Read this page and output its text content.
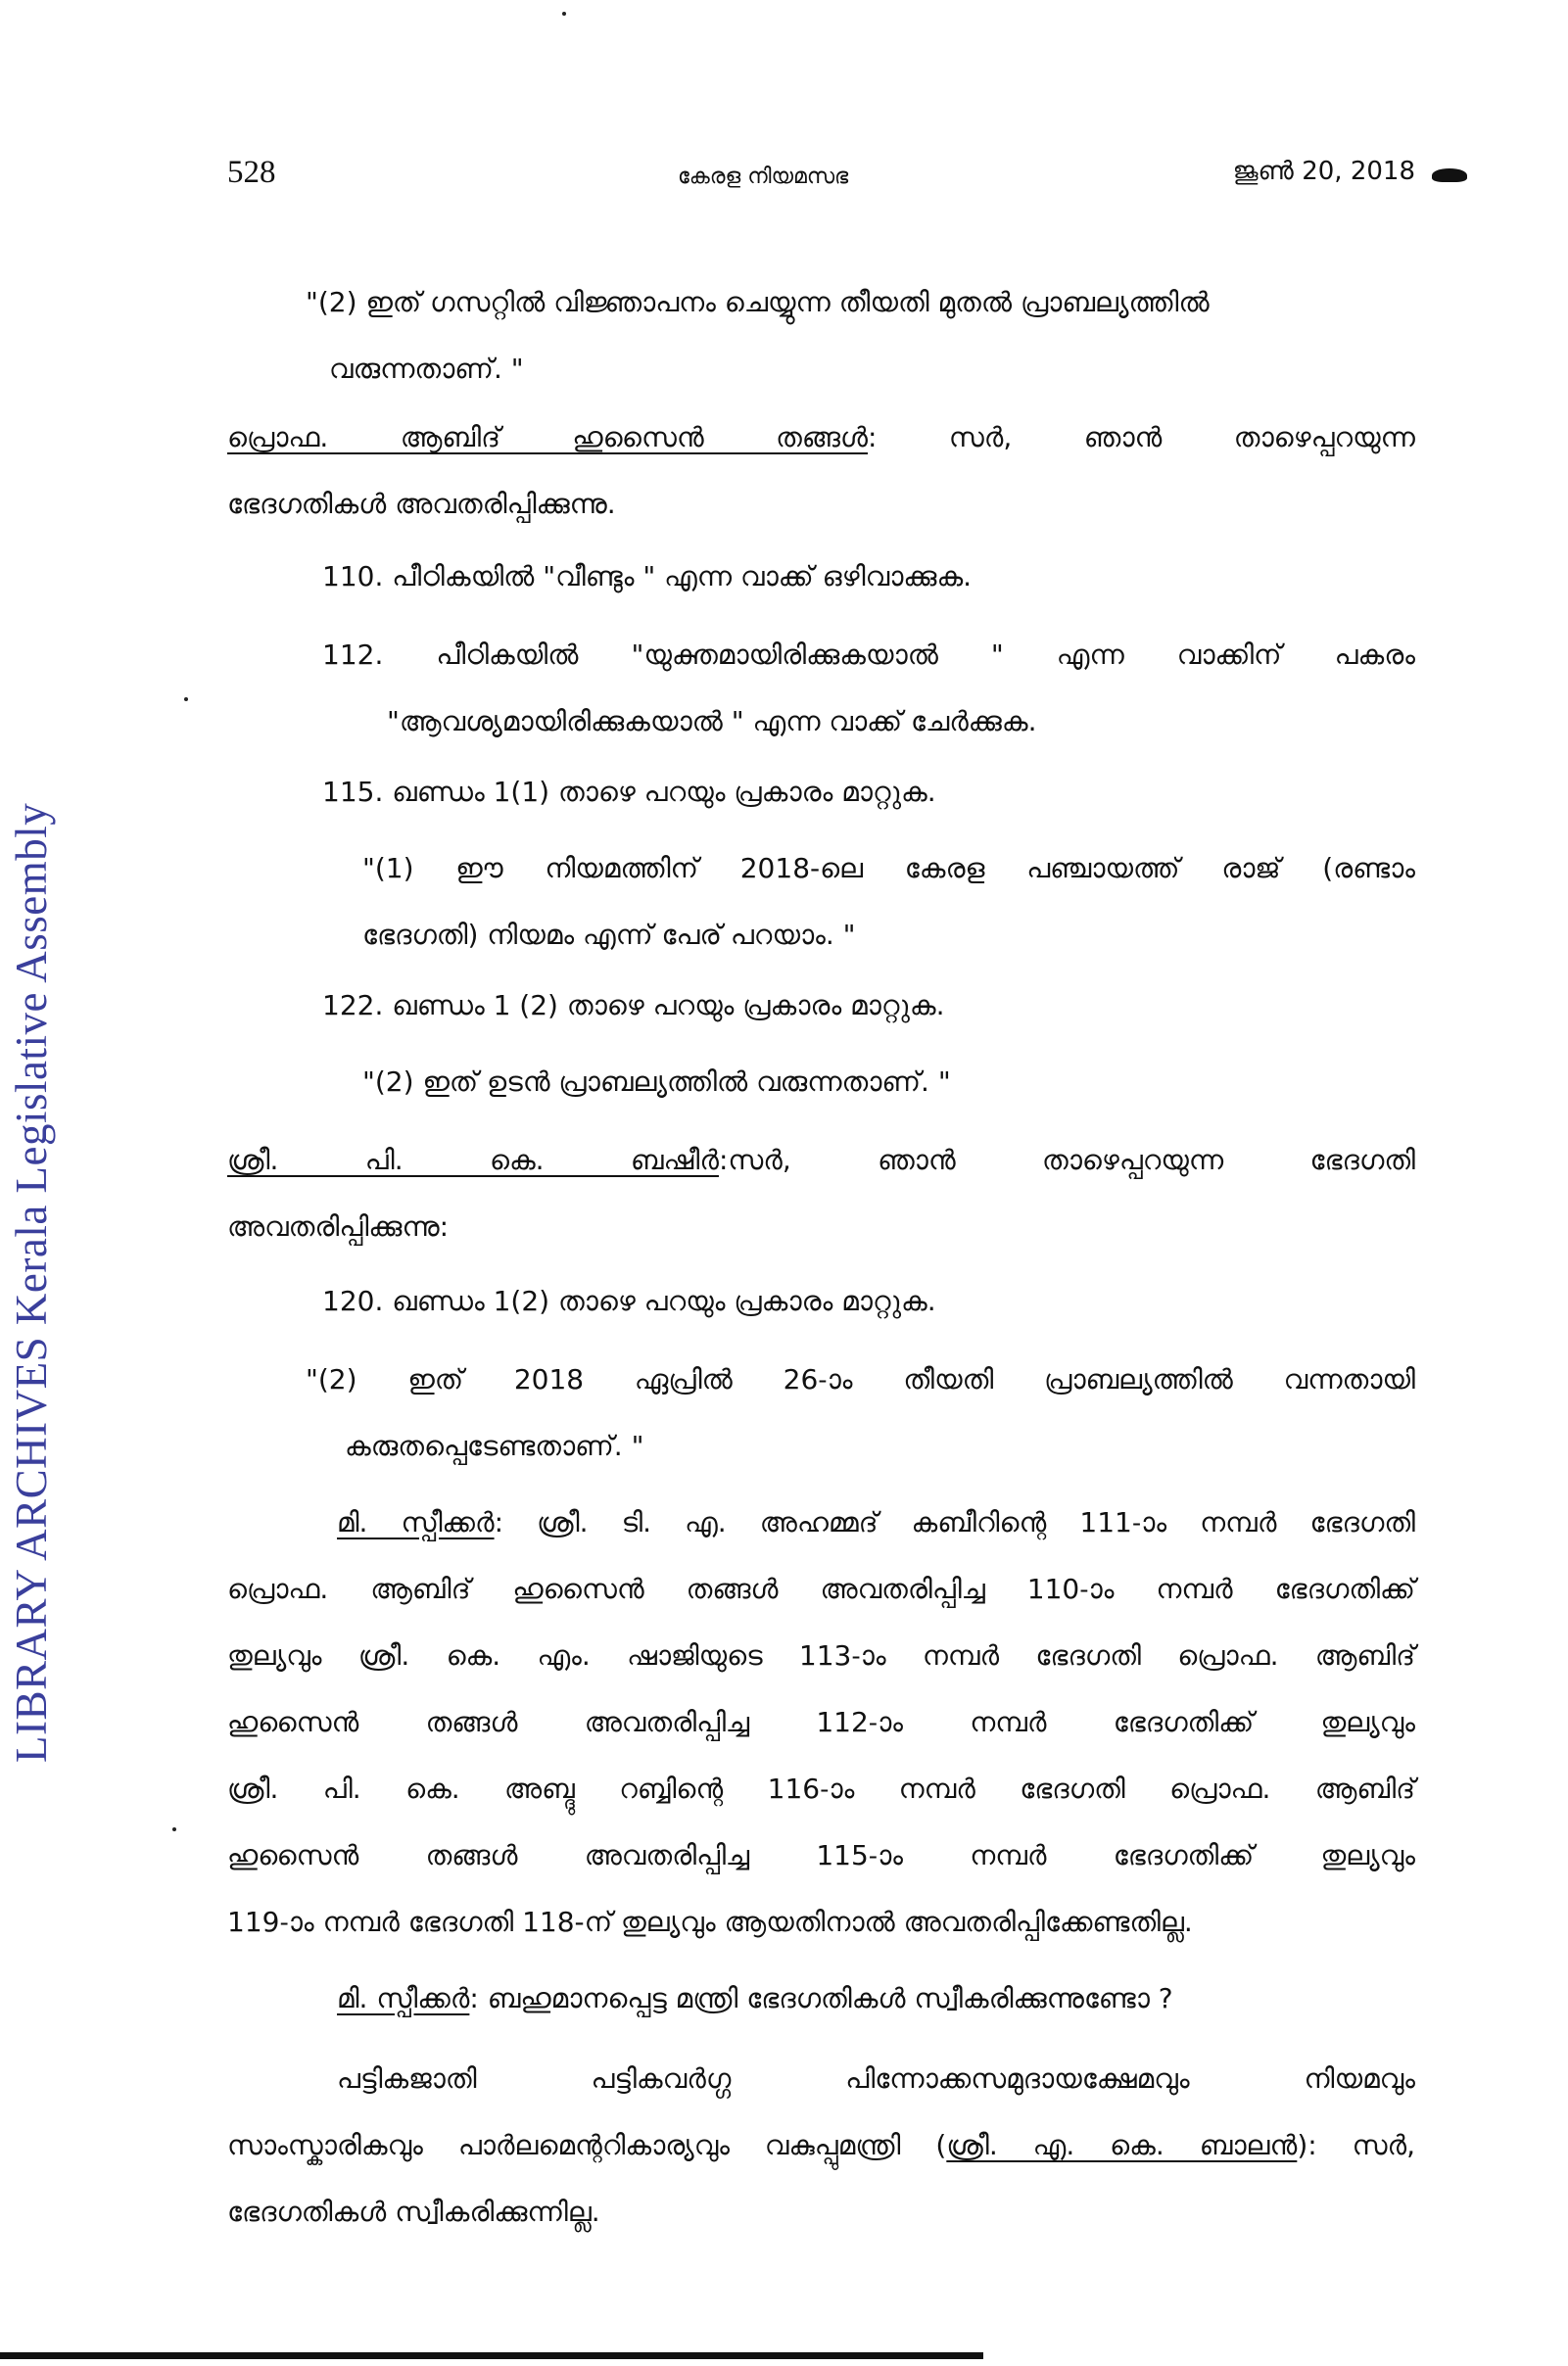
LIBRARY ARCHIVES Kerala Legislative Assembly
528	കേരള നിയമസഭ	ജൂൺ 20, 2018
"(2) ഇത് ഗസറ്റിൽ വിജ്ഞാപനം ചെയ്യുന്ന തീയതി മുതൽ പ്രാബല്യത്തിൽ
വരുന്നതാണ്. "
പ്രൊഫ. ആബിദ് ഹുസൈൻ തങ്ങൾ: സർ, ഞാൻ താഴെപ്പറയുന്ന
ഭേദഗതികൾ അവതരിപ്പിക്കുന്നു.
110. പീഠികയിൽ "വീണ്ടും " എന്ന വാക്ക് ഒഴിവാക്കുക.
112. പീഠികയിൽ "യുക്തമായിരിക്കുകയാൽ " എന്ന വാക്കിന് പകരം
"ആവശ്യമായിരിക്കുകയാൽ " എന്ന വാക്ക് ചേർക്കുക.
115. ഖണ്ഡം 1(1) താഴെ പറയും പ്രകാരം മാറ്റുക.
"(1) ഈ നിയമത്തിന് 2018-ലെ കേരള പഞ്ചായത്ത് രാജ് (രണ്ടാം
ഭേദഗതി) നിയമം എന്ന് പേര് പറയാം. "
122. ഖണ്ഡം 1 (2) താഴെ പറയും പ്രകാരം മാറ്റുക.
"(2) ഇത് ഉടൻ പ്രാബല്യത്തിൽ വരുന്നതാണ്. "
ശ്രീ. പി. കെ. ബഷീർ:സർ, ഞാൻ താഴെപ്പറയുന്ന ഭേദഗതി
അവതരിപ്പിക്കുന്നു:
120. ഖണ്ഡം 1(2) താഴെ പറയും പ്രകാരം മാറ്റുക.
"(2) ഇത് 2018 ഏപ്രിൽ 26-ാം തീയതി പ്രാബല്യത്തിൽ വന്നതായി
കരുതപ്പെടേണ്ടതാണ്. "
മി. സ്പീക്കർ: ശ്രീ. ടി. എ. അഹമ്മദ് കബീറിന്റെ 111-ാം നമ്പർ ഭേദഗതി
പ്രൊഫ. ആബിദ് ഹുസൈൻ തങ്ങൾ അവതരിപ്പിച്ച 110-ാം നമ്പർ ഭേദഗതിക്ക്
തുല്യവും ശ്രീ. കെ. എം. ഷാജിയുടെ 113-ാം നമ്പർ ഭേദഗതി പ്രൊഫ. ആബിദ്
ഹുസൈൻ തങ്ങൾ അവതരിപ്പിച്ച 112-ാം നമ്പർ ഭേദഗതിക്ക് തുല്യവും
ശ്രീ. പി. കെ. അബ്ദു റബ്ബിന്റെ 116-ാം നമ്പർ ഭേദഗതി പ്രൊഫ. ആബിദ്
ഹുസൈൻ തങ്ങൾ അവതരിപ്പിച്ച 115-ാം നമ്പർ ഭേദഗതിക്ക് തുല്യവും
119-ാം നമ്പർ ഭേദഗതി 118-ന് തുല്യവും ആയതിനാൽ അവതരിപ്പിക്കേണ്ടതില്ല.
മി. സ്പീക്കർ: ബഹുമാനപ്പെട്ട മന്ത്രി ഭേദഗതികൾ സ്വീകരിക്കുന്നുണ്ടോ ?
പട്ടികജാതി പട്ടികവർഗ്ഗ പിന്നോക്കസമുദായക്ഷേമവും നിയമവും
സാംസ്കാരികവും പാർലമെന്ററികാര്യവും വകുപ്പുമന്ത്രി (ശ്രീ. എ. കെ. ബാലൻ): സർ,
ഭേദഗതികൾ സ്വീകരിക്കുന്നില്ല.
